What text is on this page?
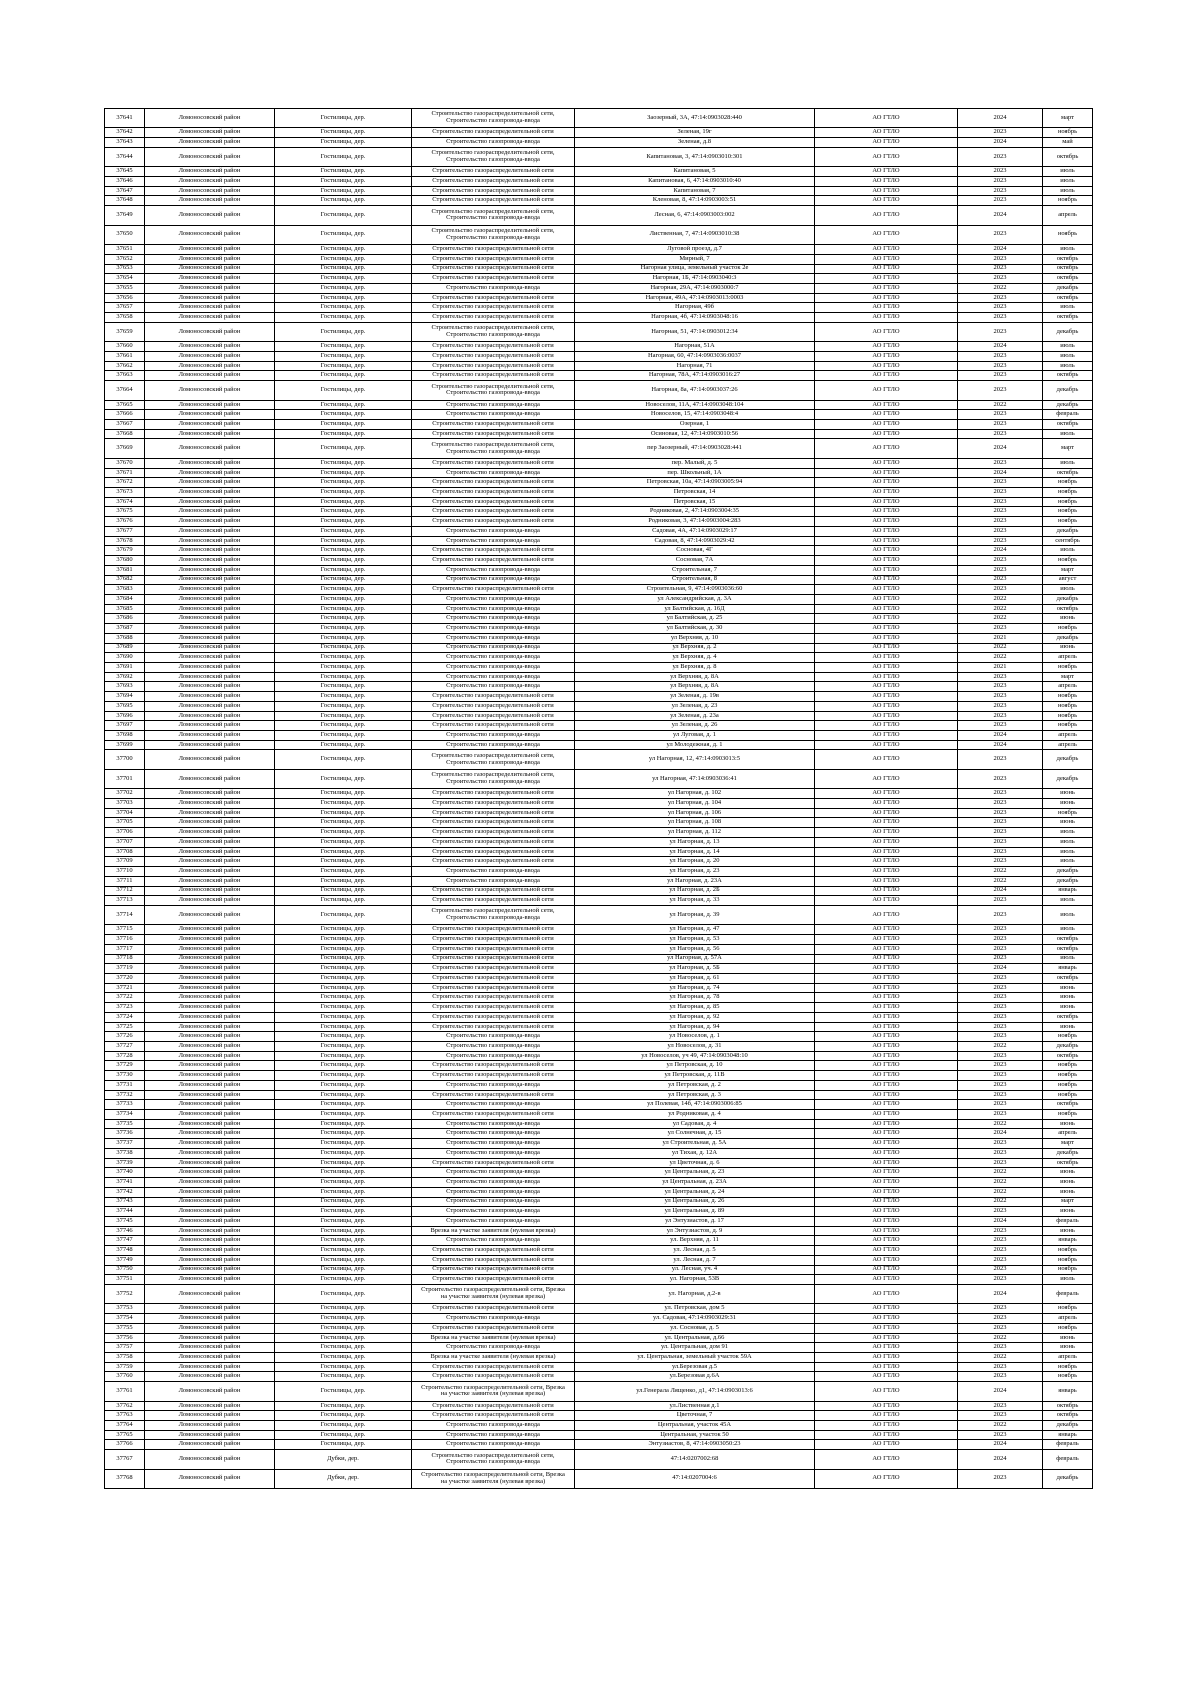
37641	Ломоносовский район	Гостилицы, дер.	Строительство газораспределительной сети,
Строительство газопровода-ввода	Заозерный, 3А, 47:14:0903028:440	АО ГТЛО	2024	март
37642	Ломоносовский район	Гостилицы, дер.	Строительство газораспределительной сети	Зеленая, 19г	АО ГТЛО	2023	ноябрь
37643	Ломоносовский район	Гостилицы, дер.	Строительство газопровода-ввода	Зеленая, д.8	АО ГТЛО	2024	май
37644	Ломоносовский район	Гостилицы, дер.	Строительство газораспределительной сети,
Строительство газопровода-ввода	Капитановая, 3, 47:14:0903010:301	АО ГТЛО	2023	октябрь
37645	Ломоносовский район	Гостилицы, дер.	Строительство газораспределительной сети	Капитановая, 5	АО ГТЛО	2023	июль
37646	Ломоносовский район	Гостилицы, дер.	Строительство газораспределительной сети	Капитановая, 6, 47:14:0903010:40	АО ГТЛО	2023	июль
37647	Ломоносовский район	Гостилицы, дер.	Строительство газораспределительной сети	Капитановая, 7	АО ГТЛО	2023	июль
37648	Ломоносовский район	Гостилицы, дер.	Строительство газораспределительной сети	Кленовая, 8, 47:14:0903003:51	АО ГТЛО	2023	ноябрь
37649	Ломоносовский район	Гостилицы, дер.	Строительство газораспределительной сети,
Строительство газопровода-ввода	Лесная, 6, 47:14:0903003:002	АО ГТЛО	2024	апрель
37650	Ломоносовский район	Гостилицы, дер.	Строительство газораспределительной сети,
Строительство газопровода-ввода	Лиственная, 7, 47:14:0903010:38	АО ГТЛО	2023	ноябрь
37651	Ломоносовский район	Гостилицы, дер.	Строительство газораспределительной сети	Луговой проезд, д.7	АО ГТЛО	2024	июль
37652	Ломоносовский район	Гостилицы, дер.	Строительство газораспределительной сети	Мирный, 7	АО ГТЛО	2023	октябрь
37653	Ломоносовский район	Гостилицы, дер.	Строительство газораспределительной сети	Нагорная улица, земельный участок 2е	АО ГТЛО	2023	октябрь
37654	Ломоносовский район	Гостилицы, дер.	Строительство газораспределительной сети	Нагорная, 1Б, 47:14:0903040:3	АО ГТЛО	2023	октябрь
37655	Ломоносовский район	Гостилицы, дер.	Строительство газопровода-ввода	Нагорная, 29А, 47:14:0903000:7	АО ГТЛО	2022	декабрь
37656	Ломоносовский район	Гостилицы, дер.	Строительство газораспределительной сети	Нагорная, 49А, 47:14:0903013:0003	АО ГТЛО	2023	октябрь
37657	Ломоносовский район	Гостилицы, дер.	Строительство газораспределительной сети	Нагорная, 49б	АО ГТЛО	2023	июль
37658	Ломоносовский район	Гостилицы, дер.	Строительство газораспределительной сети	Нагорная, 4б, 47:14:0903048:16	АО ГТЛО	2023	октябрь
37659	Ломоносовский район	Гостилицы, дер.	Строительство газораспределительной сети,
Строительство газопровода-ввода	Нагорная, 51, 47:14:0903012:34	АО ГТЛО	2023	декабрь
37660	Ломоносовский район	Гостилицы, дер.	Строительство газораспределительной сети	Нагорная, 51А	АО ГТЛО	2024	июль
37661	Ломоносовский район	Гостилицы, дер.	Строительство газораспределительной сети	Нагорная, 60, 47:14:0903036:0037	АО ГТЛО	2023	июль
37662	Ломоносовский район	Гостилицы, дер.	Строительство газораспределительной сети	Нагорная, 71	АО ГТЛО	2023	июль
37663	Ломоносовский район	Гостилицы, дер.	Строительство газораспределительной сети	Нагорная, 78А, 47:14:0903016:27	АО ГТЛО	2023	октябрь
37664	Ломоносовский район	Гостилицы, дер.	Строительство газораспределительной сети,
Строительство газопровода-ввода	Нагорная, 8а, 47:14:0903037:26	АО ГТЛО	2023	декабрь
37665	Ломоносовский район	Гостилицы, дер.	Строительство газопровода-ввода	Новоселов, 11А, 47:14:0903048:104	АО ГТЛО	2022	декабрь
37666	Ломоносовский район	Гостилицы, дер.	Строительство газопровода-ввода	Новоселов, 15, 47:14:0903048:4	АО ГТЛО	2023	февраль
37667	Ломоносовский район	Гостилицы, дер.	Строительство газораспределительной сети	Озерная, 1	АО ГТЛО	2023	октябрь
37668	Ломоносовский район	Гостилицы, дер.	Строительство газораспределительной сети	Осиновая, 12, 47:14:0903010:56	АО ГТЛО	2023	июль
37669	Ломоносовский район	Гостилицы, дер.	Строительство газораспределительной сети,
Строительство газопровода-ввода	пер Заозерный, 47:14:0903028:441	АО ГТЛО	2024	март
37670	Ломоносовский район	Гостилицы, дер.	Строительство газораспределительной сети	пер. Малый, д. 5	АО ГТЛО	2023	июль
37671	Ломоносовский район	Гостилицы, дер.	Строительство газопровода-ввода	пер. Школьный, 1А	АО ГТЛО	2024	октябрь
37672	Ломоносовский район	Гостилицы, дер.	Строительство газораспределительной сети	Петровская, 10а, 47:14:0903005:94	АО ГТЛО	2023	ноябрь
37673	Ломоносовский район	Гостилицы, дер.	Строительство газораспределительной сети	Петровская, 14	АО ГТЛО	2023	ноябрь
37674	Ломоносовский район	Гостилицы, дер.	Строительство газораспределительной сети	Петровская, 15	АО ГТЛО	2023	ноябрь
37675	Ломоносовский район	Гостилицы, дер.	Строительство газораспределительной сети	Родниковая, 2, 47:14:0903004:35	АО ГТЛО	2023	ноябрь
37676	Ломоносовский район	Гостилицы, дер.	Строительство газораспределительной сети	Родниковая, 3, 47:14:0903004:283	АО ГТЛО	2023	ноябрь
37677	Ломоносовский район	Гостилицы, дер.	Строительство газопровода-ввода	Садовая, 4А, 47:14:0903029:17	АО ГТЛО	2023	декабрь
37678	Ломоносовский район	Гостилицы, дер.	Строительство газопровода-ввода	Садовая, 8, 47:14:0903029:42	АО ГТЛО	2023	сентябрь
37679	Ломоносовский район	Гостилицы, дер.	Строительство газораспределительной сети	Сосновая, 4Г	АО ГТЛО	2024	июль
37680	Ломоносовский район	Гостилицы, дер.	Строительство газораспределительной сети	Сосновая, 7А	АО ГТЛО	2023	ноябрь
37681	Ломоносовский район	Гостилицы, дер.	Строительство газопровода-ввода	Строительная, 7	АО ГТЛО	2023	март
37682	Ломоносовский район	Гостилицы, дер.	Строительство газопровода-ввода	Строительная, 8	АО ГТЛО	2023	август
37683	Ломоносовский район	Гостилицы, дер.	Строительство газораспределительной сети	Строительная, 9, 47:14:0903036:60	АО ГТЛО	2023	июль
37684	Ломоносовский район	Гостилицы, дер.	Строительство газопровода-ввода	ул Александрийская, д. 3А	АО ГТЛО	2022	декабрь
37685	Ломоносовский район	Гостилицы, дер.	Строительство газопровода-ввода	ул Балтийская, д. 16Д	АО ГТЛО	2022	октябрь
37686	Ломоносовский район	Гостилицы, дер.	Строительство газопровода-ввода	ул Балтийская, д. 25	АО ГТЛО	2022	июнь
37687	Ломоносовский район	Гостилицы, дер.	Строительство газопровода-ввода	ул Балтийская, д. 30	АО ГТЛО	2023	ноябрь
37688	Ломоносовский район	Гостилицы, дер.	Строительство газопровода-ввода	ул Верхняя, д. 10	АО ГТЛО	2021	декабрь
37689	Ломоносовский район	Гостилицы, дер.	Строительство газопровода-ввода	ул Верхняя, д. 2	АО ГТЛО	2022	июнь
37690	Ломоносовский район	Гостилицы, дер.	Строительство газопровода-ввода	ул Верхняя, д. 4	АО ГТЛО	2022	апрель
37691	Ломоносовский район	Гостилицы, дер.	Строительство газопровода-ввода	ул Верхняя, д. 8	АО ГТЛО	2021	ноябрь
37692	Ломоносовский район	Гостилицы, дер.	Строительство газопровода-ввода	ул Верхняя, д. 8А	АО ГТЛО	2023	март
37693	Ломоносовский район	Гостилицы, дер.	Строительство газопровода-ввода	ул Верхняя, д. 8А	АО ГТЛО	2023	апрель
37694	Ломоносовский район	Гостилицы, дер.	Строительство газораспределительной сети	ул Зеленая, д. 19в	АО ГТЛО	2023	ноябрь
37695	Ломоносовский район	Гостилицы, дер.	Строительство газораспределительной сети	ул Зеленая, д. 23	АО ГТЛО	2023	ноябрь
37696	Ломоносовский район	Гостилицы, дер.	Строительство газораспределительной сети	ул Зеленая, д. 23а	АО ГТЛО	2023	ноябрь
37697	Ломоносовский район	Гостилицы, дер.	Строительство газораспределительной сети	ул Зеленая, д. 26	АО ГТЛО	2023	ноябрь
37698	Ломоносовский район	Гостилицы, дер.	Строительство газопровода-ввода	ул Луговая, д. 1	АО ГТЛО	2024	апрель
37699	Ломоносовский район	Гостилицы, дер.	Строительство газопровода-ввода	ул Молодежная, д. 1	АО ГТЛО	2024	апрель
37700	Ломоносовский район	Гостилицы, дер.	Строительство газораспределительной сети,
Строительство газопровода-ввода	ул Нагорная, 12, 47:14:0903013:5	АО ГТЛО	2023	декабрь
37701	Ломоносовский район	Гостилицы, дер.	Строительство газораспределительной сети,
Строительство газопровода-ввода	ул Нагорная, 47:14:0903036:41	АО ГТЛО	2023	декабрь
37702	Ломоносовский район	Гостилицы, дер.	Строительство газораспределительной сети	ул Нагорная, д. 102	АО ГТЛО	2023	июнь
37703	Ломоносовский район	Гостилицы, дер.	Строительство газораспределительной сети	ул Нагорная, д. 104	АО ГТЛО	2023	июнь
37704	Ломоносовский район	Гостилицы, дер.	Строительство газораспределительной сети	ул Нагорная, д. 106	АО ГТЛО	2023	ноябрь
37705	Ломоносовский район	Гостилицы, дер.	Строительство газораспределительной сети	ул Нагорная, д. 108	АО ГТЛО	2023	июнь
37706	Ломоносовский район	Гостилицы, дер.	Строительство газораспределительной сети	ул Нагорная, д. 112	АО ГТЛО	2023	июль
37707	Ломоносовский район	Гостилицы, дер.	Строительство газораспределительной сети	ул Нагорная, д. 13	АО ГТЛО	2023	июль
37708	Ломоносовский район	Гостилицы, дер.	Строительство газораспределительной сети	ул Нагорная, д. 14	АО ГТЛО	2023	июль
37709	Ломоносовский район	Гостилицы, дер.	Строительство газораспределительной сети	ул Нагорная, д. 20	АО ГТЛО	2023	июль
37710	Ломоносовский район	Гостилицы, дер.	Строительство газопровода-ввода	ул Нагорная, д. 23	АО ГТЛО	2022	декабрь
37711	Ломоносовский район	Гостилицы, дер.	Строительство газопровода-ввода	ул Нагорная, д. 23А	АО ГТЛО	2022	декабрь
37712	Ломоносовский район	Гостилицы, дер.	Строительство газораспределительной сети	ул Нагорная, д. 2Б	АО ГТЛО	2024	январь
37713	Ломоносовский район	Гостилицы, дер.	Строительство газораспределительной сети	ул Нагорная, д. 33	АО ГТЛО	2023	июль
37714	Ломоносовский район	Гостилицы, дер.	Строительство газораспределительной сети,
Строительство газопровода-ввода	ул Нагорная, д. 39	АО ГТЛО	2023	июль
37715	Ломоносовский район	Гостилицы, дер.	Строительство газораспределительной сети	ул Нагорная, д. 47	АО ГТЛО	2023	июль
37716	Ломоносовский район	Гостилицы, дер.	Строительство газораспределительной сети	ул Нагорная, д. 53	АО ГТЛО	2023	октябрь
37717	Ломоносовский район	Гостилицы, дер.	Строительство газораспределительной сети	ул Нагорная, д. 56	АО ГТЛО	2023	октябрь
37718	Ломоносовский район	Гостилицы, дер.	Строительство газораспределительной сети	ул Нагорная, д. 57А	АО ГТЛО	2023	июль
37719	Ломоносовский район	Гостилицы, дер.	Строительство газораспределительной сети	ул Нагорная, д. 5Б	АО ГТЛО	2024	январь
37720	Ломоносовский район	Гостилицы, дер.	Строительство газораспределительной сети	ул Нагорная, д. 61	АО ГТЛО	2023	октябрь
37721	Ломоносовский район	Гостилицы, дер.	Строительство газораспределительной сети	ул Нагорная, д. 74	АО ГТЛО	2023	июнь
37722	Ломоносовский район	Гостилицы, дер.	Строительство газораспределительной сети	ул Нагорная, д. 78	АО ГТЛО	2023	июнь
37723	Ломоносовский район	Гостилицы, дер.	Строительство газораспределительной сети	ул Нагорная, д. 85	АО ГТЛО	2023	июнь
37724	Ломоносовский район	Гостилицы, дер.	Строительство газораспределительной сети	ул Нагорная, д. 92	АО ГТЛО	2023	октябрь
37725	Ломоносовский район	Гостилицы, дер.	Строительство газораспределительной сети	ул Нагорная, д. 94	АО ГТЛО	2023	июнь
37726	Ломоносовский район	Гостилицы, дер.	Строительство газопровода-ввода	ул Новоселов, д. 1	АО ГТЛО	2023	ноябрь
37727	Ломоносовский район	Гостилицы, дер.	Строительство газопровода-ввода	ул Новоселов, д. 31	АО ГТЛО	2022	декабрь
37728	Ломоносовский район	Гостилицы, дер.	Строительство газопровода-ввода	ул Новоселов, уч 49, 47:14:0903048:10	АО ГТЛО	2023	октябрь
37729	Ломоносовский район	Гостилицы, дер.	Строительство газораспределительной сети	ул Петровская, д. 10	АО ГТЛО	2023	ноябрь
37730	Ломоносовский район	Гостилицы, дер.	Строительство газораспределительной сети	ул Петровская, д. 11В	АО ГТЛО	2023	ноябрь
37731	Ломоносовский район	Гостилицы, дер.	Строительство газопровода-ввода	ул Петровская, д. 2	АО ГТЛО	2023	ноябрь
37732	Ломоносовский район	Гостилицы, дер.	Строительство газораспределительной сети	ул Петровская, д. 3	АО ГТЛО	2023	ноябрь
37733	Ломоносовский район	Гостилицы, дер.	Строительство газопровода-ввода	ул Полевая, 14б, 47:14:0903006:85	АО ГТЛО	2023	октябрь
37734	Ломоносовский район	Гостилицы, дер.	Строительство газораспределительной сети	ул Родниковая, д. 4	АО ГТЛО	2023	ноябрь
37735	Ломоносовский район	Гостилицы, дер.	Строительство газопровода-ввода	ул Садовая, д. 4	АО ГТЛО	2022	июнь
37736	Ломоносовский район	Гостилицы, дер.	Строительство газопровода-ввода	ул Солнечная, д. 15	АО ГТЛО	2024	апрель
37737	Ломоносовский район	Гостилицы, дер.	Строительство газопровода-ввода	ул Строительная, д. 5А	АО ГТЛО	2023	март
37738	Ломоносовский район	Гостилицы, дер.	Строительство газопровода-ввода	ул Тихая, д. 12А	АО ГТЛО	2023	декабрь
37739	Ломоносовский район	Гостилицы, дер.	Строительство газораспределительной сети	ул Цветочная, д. 6	АО ГТЛО	2023	октябрь
37740	Ломоносовский район	Гостилицы, дер.	Строительство газопровода-ввода	ул Центральная, д. 23	АО ГТЛО	2022	июнь
37741	Ломоносовский район	Гостилицы, дер.	Строительство газопровода-ввода	ул Центральная, д. 23А	АО ГТЛО	2022	июнь
37742	Ломоносовский район	Гостилицы, дер.	Строительство газопровода-ввода	ул Центральная, д. 24	АО ГТЛО	2022	июнь
37743	Ломоносовский район	Гостилицы, дер.	Строительство газопровода-ввода	ул Центральная, д. 26	АО ГТЛО	2022	март
37744	Ломоносовский район	Гостилицы, дер.	Строительство газопровода-ввода	ул Центральная, д. 89	АО ГТЛО	2023	июнь
37745	Ломоносовский район	Гостилицы, дер.	Строительство газопровода-ввода	ул Энтузиастов, д. 17	АО ГТЛО	2024	февраль
37746	Ломоносовский район	Гостилицы, дер.	Врезка на участке заявителя (нулевая врезка)	ул Энтузиастов, д. 9	АО ГТЛО	2023	июнь
37747	Ломоносовский район	Гостилицы, дер.	Строительство газопровода-ввода	ул. Верхняя, д. 11	АО ГТЛО	2023	январь
37748	Ломоносовский район	Гостилицы, дер.	Строительство газораспределительной сети	ул. Лесная, д. 5	АО ГТЛО	2023	ноябрь
37749	Ломоносовский район	Гостилицы, дер.	Строительство газораспределительной сети	ул. Лесная, д. 7	АО ГТЛО	2023	ноябрь
37750	Ломоносовский район	Гостилицы, дер.	Строительство газораспределительной сети	ул. Лесная, уч. 4	АО ГТЛО	2023	ноябрь
37751	Ломоносовский район	Гостилицы, дер.	Строительство газораспределительной сети	ул. Нагорная, 53В	АО ГТЛО	2023	июль
37752	Ломоносовский район	Гостилицы, дер.	Строительство газораспределительной сети, Врезка
на участке заявителя (нулевая врезка)	ул. Нагорная, д.2-в	АО ГТЛО	2024	февраль
37753	Ломоносовский район	Гостилицы, дер.	Строительство газораспределительной сети	ул. Петровская, дом 5	АО ГТЛО	2023	ноябрь
37754	Ломоносовский район	Гостилицы, дер.	Строительство газопровода-ввода	ул. Садовая, 47:14:0903029:31	АО ГТЛО	2023	апрель
37755	Ломоносовский район	Гостилицы, дер.	Строительство газораспределительной сети	ул. Сосновая, д. 5	АО ГТЛО	2023	ноябрь
37756	Ломоносовский район	Гостилицы, дер.	Врезка на участке заявителя (нулевая врезка)	ул. Центральная, д.66	АО ГТЛО	2022	июнь
37757	Ломоносовский район	Гостилицы, дер.	Строительство газопровода-ввода	ул. Центральная, дом 91	АО ГТЛО	2023	июнь
37758	Ломоносовский район	Гостилицы, дер.	Врезка на участке заявителя (нулевая врезка)	ул. Центральная, земельный участок 59А	АО ГТЛО	2022	апрель
37759	Ломоносовский район	Гостилицы, дер.	Строительство газораспределительной сети	ул.Березовая д.5	АО ГТЛО	2023	ноябрь
37760	Ломоносовский район	Гостилицы, дер.	Строительство газораспределительной сети	ул.Березовая д.6А	АО ГТЛО	2023	ноябрь
37761	Ломоносовский район	Гостилицы, дер.	Строительство газораспределительной сети, Врезка
на участке заявителя (нулевая врезка)	ул.Генерала Лященко, д1, 47:14:0903013:6	АО ГТЛО	2024	январь
37762	Ломоносовский район	Гостилицы, дер.	Строительство газораспределительной сети	ул.Лиственная д.1	АО ГТЛО	2023	октябрь
37763	Ломоносовский район	Гостилицы, дер.	Строительство газораспределительной сети	Цветочная, 7	АО ГТЛО	2023	октябрь
37764	Ломоносовский район	Гостилицы, дер.	Строительство газопровода-ввода	Центральная, участок 45А	АО ГТЛО	2022	декабрь
37765	Ломоносовский район	Гостилицы, дер.	Строительство газопровода-ввода	Центральная, участок 50	АО ГТЛО	2023	январь
37766	Ломоносовский район	Гостилицы, дер.	Строительство газопровода-ввода	Энтузиастов, 8, 47:14:0903050:23	АО ГТЛО	2024	февраль
37767	Ломоносовский район	Дубки, дер.	Строительство газораспределительной сети,
Строительство газопровода-ввода	47:14:0207002:68	АО ГТЛО	2024	февраль
37768	Ломоносовский район	Дубки, дер.	Строительство газораспределительной сети, Врезка
на участке заявителя (нулевая врезка)	47:14:0207004:6	АО ГТЛО	2023	декабрь
